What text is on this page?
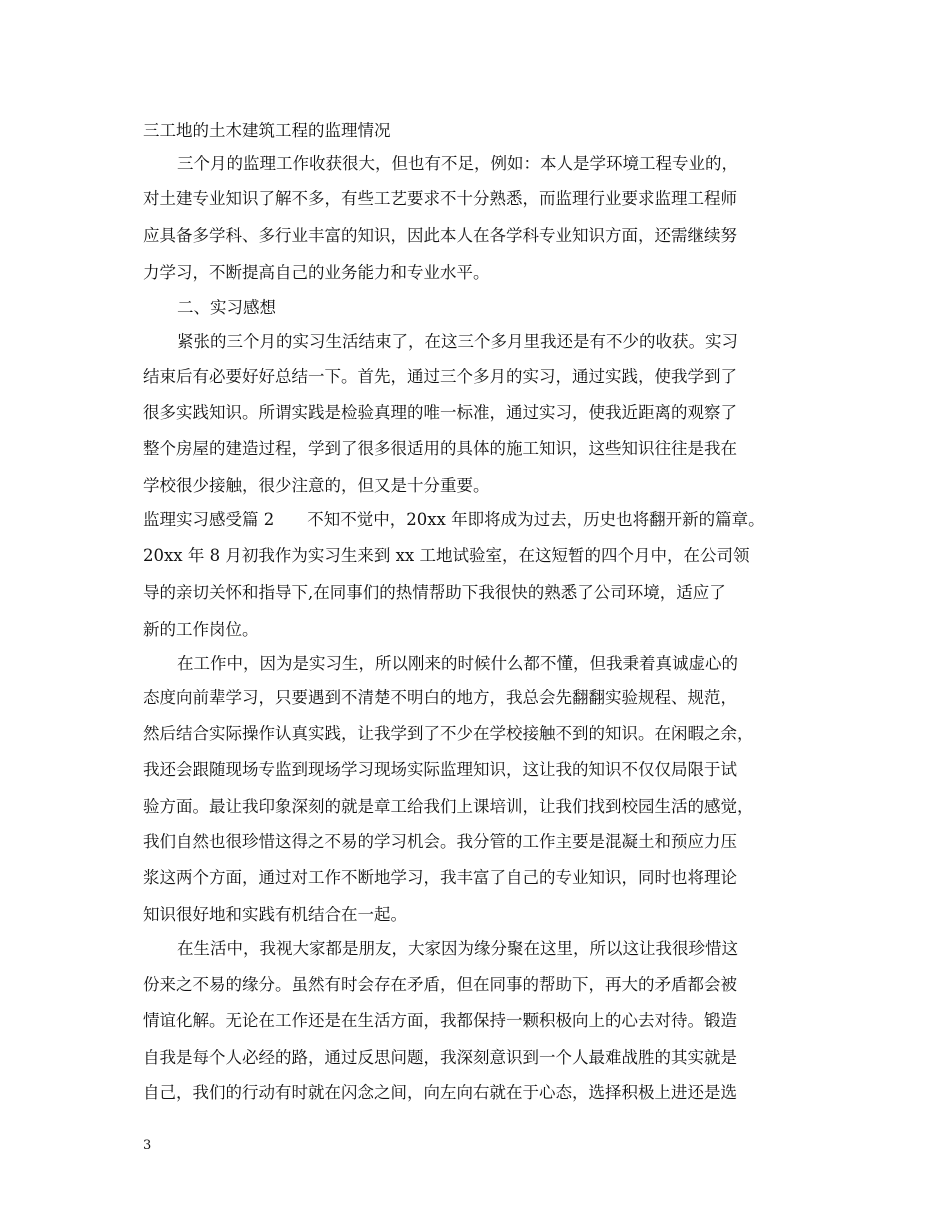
三工地的土木建筑工程的监理情况
三个月的监理工作收获很大，但也有不足，例如：本人是学环境工程专业的，
对土建专业知识了解不多，有些工艺要求不十分熟悉，而监理行业要求监理工程师
应具备多学科、多行业丰富的知识，因此本人在各学科专业知识方面，还需继续努
力学习，不断提高自己的业务能力和专业水平。
二、实习感想
紧张的三个月的实习生活结束了，在这三个多月里我还是有不少的收获。实习
结束后有必要好好总结一下。首先，通过三个多月的实习，通过实践，使我学到了
很多实践知识。所谓实践是检验真理的唯一标准，通过实习，使我近距离的观察了
整个房屋的建造过程，学到了很多很适用的具体的施工知识，这些知识往往是我在
学校很少接触，很少注意的，但又是十分重要。
监理实习感受篇 2　　不知不觉中，20xx 年即将成为过去，历史也将翻开新的篇章。
20xx 年 8 月初我作为实习生来到 xx 工地试验室，在这短暂的四个月中，在公司领
导的亲切关怀和指导下,在同事们的热情帮助下我很快的熟悉了公司环境，适应了
新的工作岗位。
在工作中，因为是实习生，所以刚来的时候什么都不懂，但我秉着真诚虚心的
态度向前辈学习，只要遇到不清楚不明白的地方，我总会先翻翻实验规程、规范，
然后结合实际操作认真实践，让我学到了不少在学校接触不到的知识。在闲暇之余，
我还会跟随现场专监到现场学习现场实际监理知识，这让我的知识不仅仅局限于试
验方面。最让我印象深刻的就是章工给我们上课培训，让我们找到校园生活的感觉，
我们自然也很珍惜这得之不易的学习机会。我分管的工作主要是混凝土和预应力压
浆这两个方面，通过对工作不断地学习，我丰富了自己的专业知识，同时也将理论
知识很好地和实践有机结合在一起。
在生活中，我视大家都是朋友，大家因为缘分聚在这里，所以这让我很珍惜这
份来之不易的缘分。虽然有时会存在矛盾，但在同事的帮助下，再大的矛盾都会被
情谊化解。无论在工作还是在生活方面，我都保持一颗积极向上的心去对待。锻造
自我是每个人必经的路，通过反思问题，我深刻意识到一个人最难战胜的其实就是
自己，我们的行动有时就在闪念之间，向左向右就在于心态，选择积极上进还是选
3
